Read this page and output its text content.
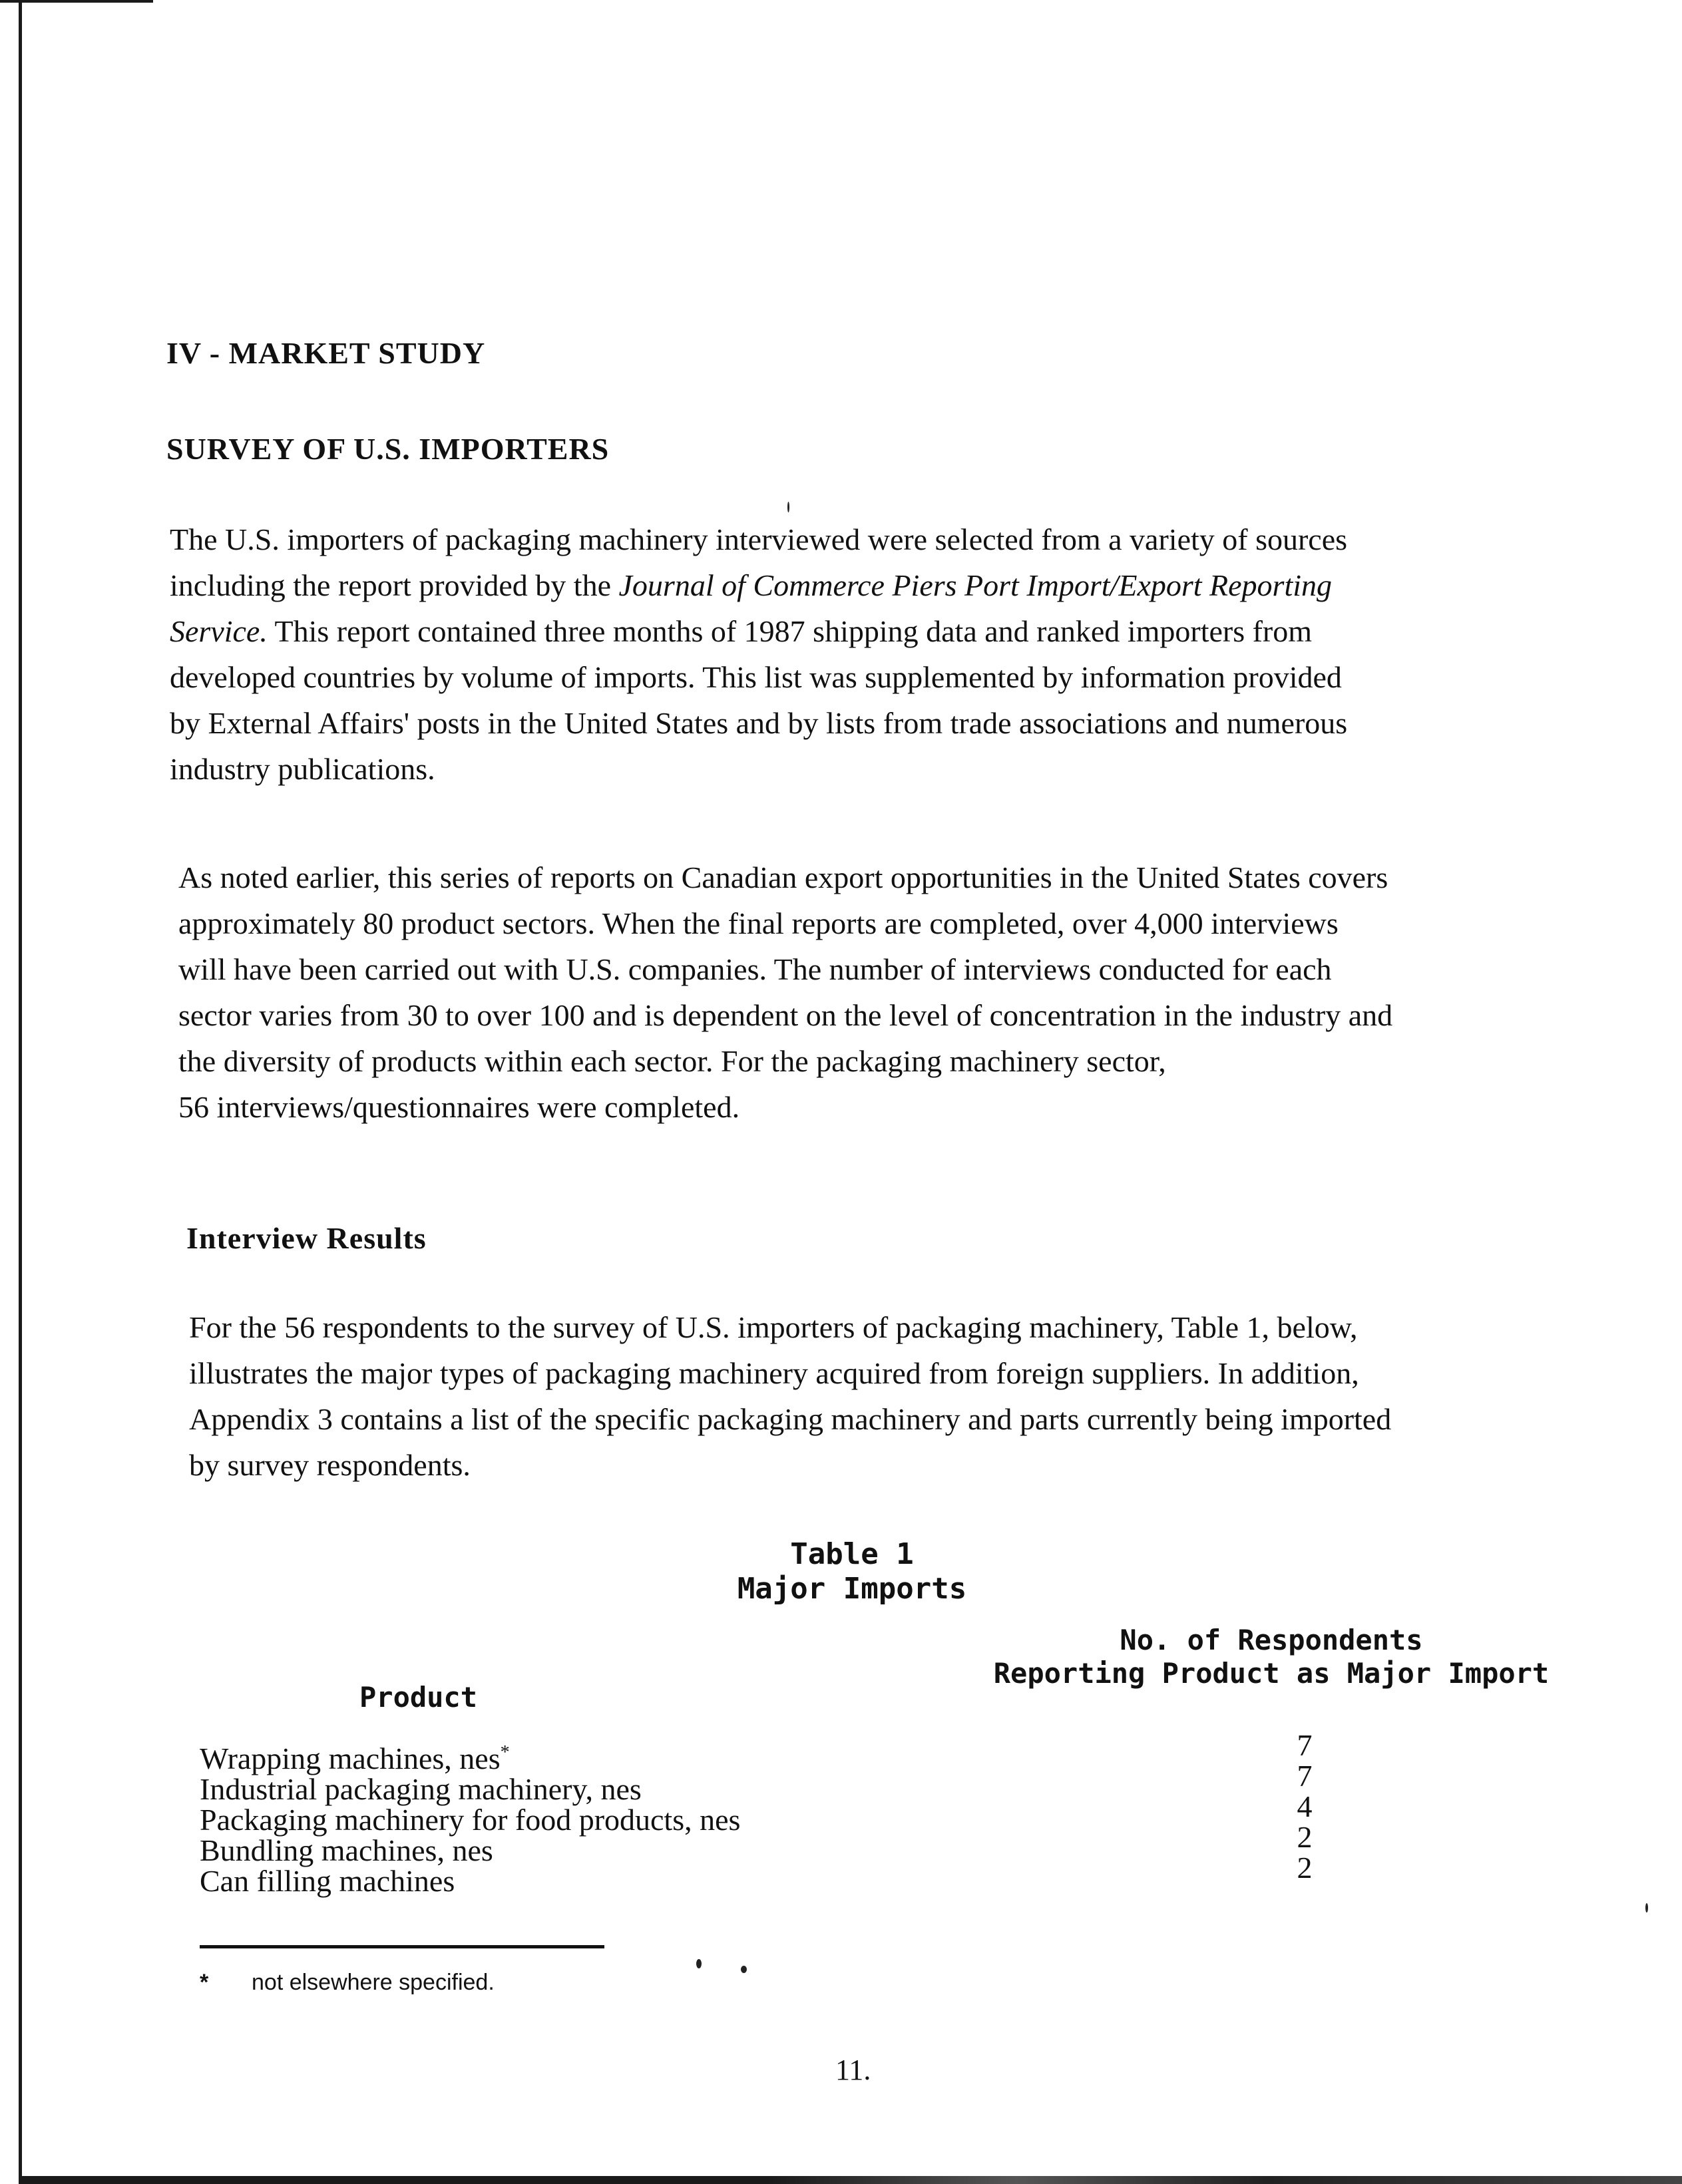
IV - MARKET STUDY
SURVEY OF U.S. IMPORTERS
The U.S. importers of packaging machinery interviewed were selected from a variety of sources
including the report provided by the Journal of Commerce Piers Port Import/Export Reporting
Service. This report contained three months of 1987 shipping data and ranked importers from
developed countries by volume of imports. This list was supplemented by information provided
by External Affairs' posts in the United States and by lists from trade associations and numerous
industry publications.
As noted earlier, this series of reports on Canadian export opportunities in the United States covers
approximately 80 product sectors. When the final reports are completed, over 4,000 interviews
will have been carried out with U.S. companies. The number of interviews conducted for each
sector varies from 30 to over 100 and is dependent on the level of concentration in the industry and
the diversity of products within each sector. For the packaging machinery sector,
56 interviews/questionnaires were completed.
Interview Results
For the 56 respondents to the survey of U.S. importers of packaging machinery, Table 1, below,
illustrates the major types of packaging machinery acquired from foreign suppliers. In addition,
Appendix 3 contains a list of the specific packaging machinery and parts currently being imported
by survey respondents.
Table 1
Major Imports
Product
No. of Respondents
Reporting Product as Major Import
Wrapping machines, nes*
Industrial packaging machinery, nes
Packaging machinery for food products, nes
Bundling machines, nes
Can filling machines
7
7
4
2
2
* not elsewhere specified.
11.
